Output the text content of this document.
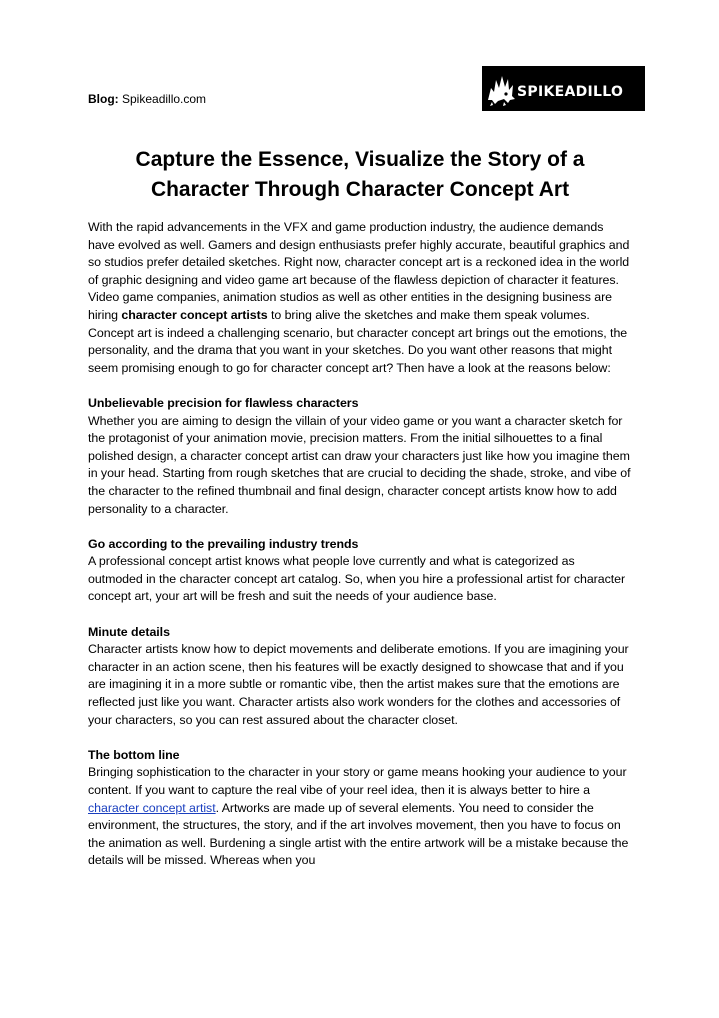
Blog: Spikeadillo.com	SPIKEADILLO
Capture the Essence, Visualize the Story of a
Character Through Character Concept Art

With the rapid advancements in the VFX and game production industry, the audience demands have evolved as well. Gamers and design enthusiasts prefer highly accurate, beautiful graphics and so studios prefer detailed sketches. Right now, character concept art is a reckoned idea in the world of graphic designing and video game art because of the flawless depiction of character it features.

Video game companies, animation studios as well as other entities in the designing business are hiring character concept artists to bring alive the sketches and make them speak volumes. Concept art is indeed a challenging scenario, but character concept art brings out the emotions, the personality, and the drama that you want in your sketches. Do you want other reasons that might seem promising enough to go for character concept art? Then have a look at the reasons below:

Unbelievable precision for flawless characters

Whether you are aiming to design the villain of your video game or you want a character sketch for the protagonist of your animation movie, precision matters. From the initial silhouettes to a final polished design, a character concept artist can draw your characters just like how you imagine them in your head. Starting from rough sketches that are crucial to deciding the shade, stroke, and vibe of the character to the refined thumbnail and final design, character concept artists know how to add personality to a character.

Go according to the prevailing industry trends

A professional concept artist knows what people love currently and what is categorized as outmoded in the character concept art catalog. So, when you hire a professional artist for character concept art, your art will be fresh and suit the needs of your audience base.

Minute details

Character artists know how to depict movements and deliberate emotions. If you are imagining your character in an action scene, then his features will be exactly designed to showcase that and if you are imagining it in a more subtle or romantic vibe, then the artist makes sure that the emotions are reflected just like you want. Character artists also work wonders for the clothes and accessories of your characters, so you can rest assured about the character closet.

The bottom line

Bringing sophistication to the character in your story or game means hooking your audience to your content. If you want to capture the real vibe of your reel idea, then it is always better to hire a character concept artist. Artworks are made up of several elements. You need to consider the environment, the structures, the story, and if the art involves movement, then you have to focus on the animation as well. Burdening a single artist with the entire artwork will be a mistake because the details will be missed. Whereas when you
